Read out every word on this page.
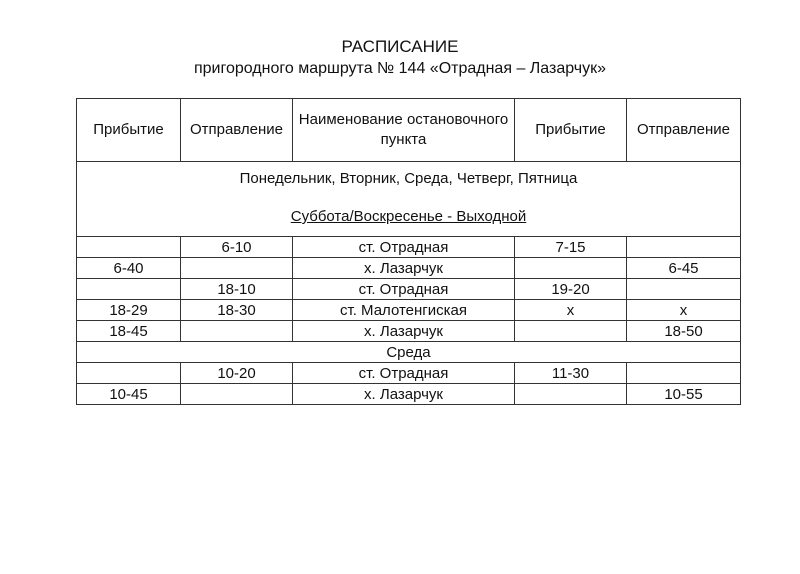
РАСПИСАНИЕ
пригородного маршрута № 144 «Отрадная – Лазарчук»
Прибытие	Отправление	Наименование остановочного пункта	Прибытие	Отправление

Понедельник, Вторник, Среда, Четверг, Пятница
Суббота/Воскресенье - Выходной				

	6-10	ст. Отрадная	7-15	
6-40		х. Лазарчук		6-45
	18-10	ст. Отрадная	19-20	
18-29	18-30	ст. Малотенгиская	х	х
18-45		х. Лазарчук		18-50
Среда				
	10-20	ст. Отрадная	11-30	
10-45		х. Лазарчук		10-55
